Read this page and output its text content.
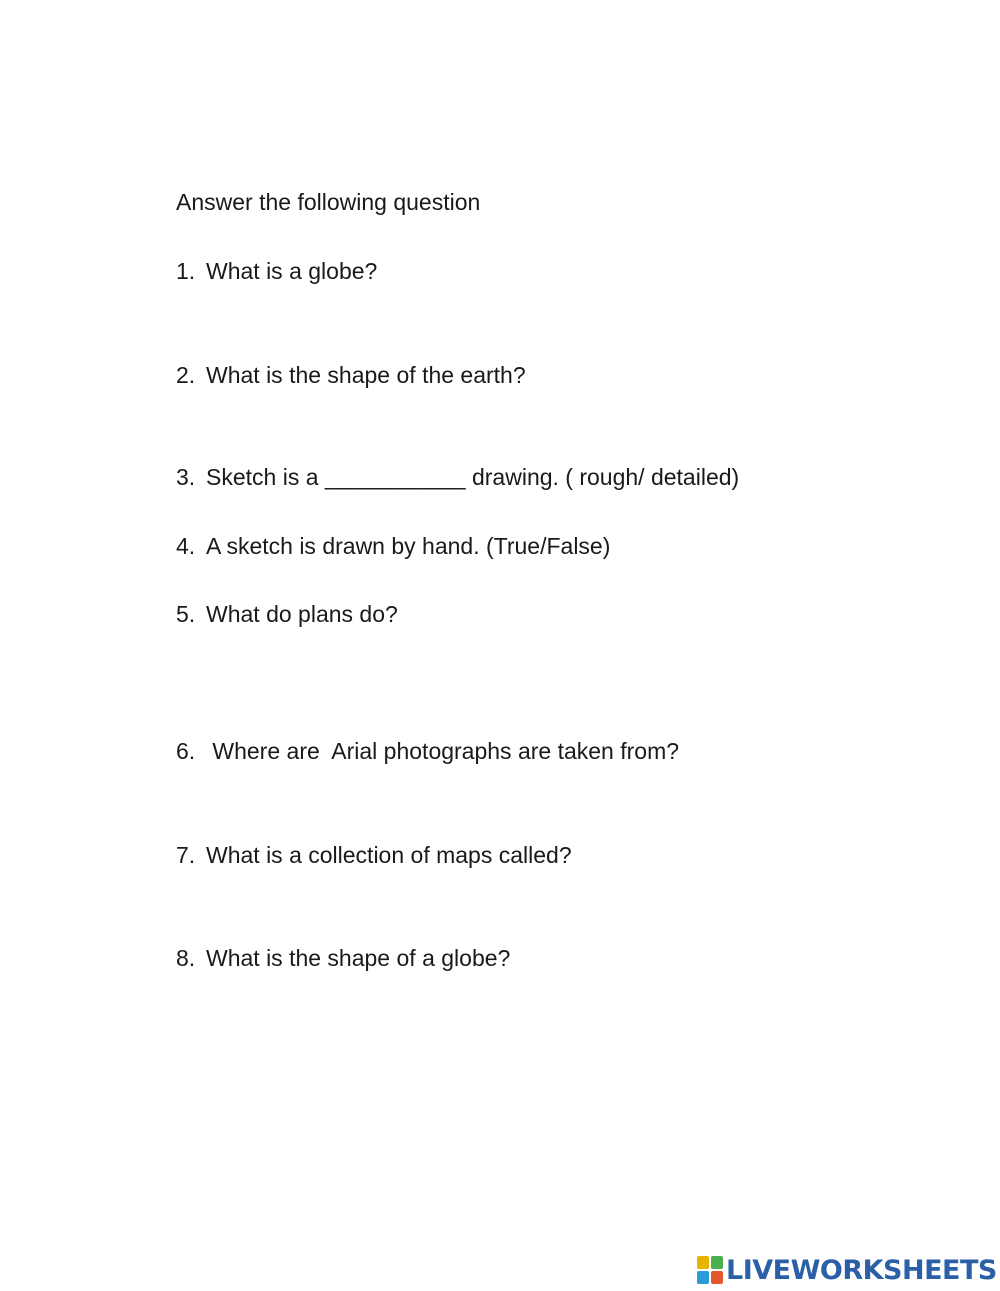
Answer the following question
1. What is a globe?
2. What is the shape of the earth?
3. Sketch is a ___________ drawing. ( rough/ detailed)
4. A sketch is drawn by hand. (True/False)
5. What do plans do?
6. Where are  Arial photographs are taken from?
7. What is a collection of maps called?
8. What is the shape of a globe?
LIVEWORKSHEETS
